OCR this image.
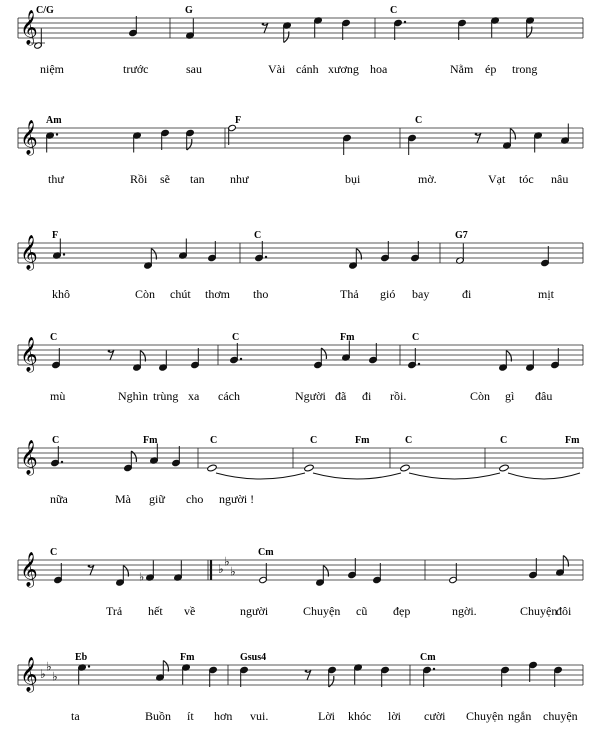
𝄞
C/G	G	C
niệm	trước	sau	Vài cánh xương hoa	Nằm ép trong
𝄞
Am	F	C
thư	Rồi sẽ tan như	bụi	mờ.	Vạt tóc nâu
𝄞
F	C	G7
khô	Còn chút thơm tho	Thả gió bay	đi	mịt
𝄞
C	C	Fm	C
mù	Nghìn trùng xa cách	Người đã đi rồi.	Còn gì đâu
𝄞
C	Fm	C	C	Fm	C	C	Fm
nữa	Mà giữ cho người !
𝄞	♭
♭
♭
♭
C	Cm
Trả hết về	người	Chuyện cũ đẹp	ngời.	Chuyện
đôi
𝄞 ♭
♭
♭
Eb	Fm	Gsus4	Cm
ta	Buồn ít hơn vui.	Lời khóc lời cười Chuyện ngắn chuyện
